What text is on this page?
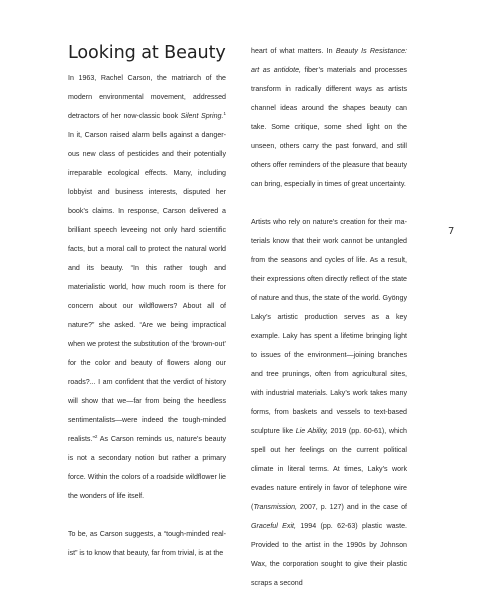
Looking at Beauty

In 1963, Rachel Carson, the matriarch of the modern environmental movement, addressed detractors of her now-classic book Silent Spring.$^1$ In it, Carson raised alarm bells against a dangerous new class of pesticides and their potentially irreparable ecological effects. Many, including lobbyist and business interests, disputed her book’s claims. In response, Carson delivered a brilliant speech leveeing not only hard scientific facts, but a moral call to protect the natural world and its beauty. “In this rather tough and materialistic world, how much room is there for concern about our wildflowers? About all of nature?” she asked. “Are we being impractical when we protest the substitution of the ‘brown-out’ for the color and beauty of flowers along our roads?... I am confident that the verdict of history will show that we—far from being the heedless sentimentalists—were indeed the tough-minded realists.”$^2$ As Carson reminds us, nature’s beauty is not a secondary notion but rather a primary force. Within the colors of a roadside wildflower lie the wonders of life itself.

To be, as Carson suggests, a “tough-minded realist” is to know that beauty, far from trivial, is at the

heart of what matters. In Beauty Is Resistance: art as antidote, fiber’s materials and processes transform in radically different ways as artists channel ideas around the shapes beauty can take. Some critique, some shed light on the unseen, others carry the past forward, and still others offer reminders of the pleasure that beauty can bring, especially in times of great uncertainty.

Artists who rely on nature’s creation for their materials know that their work cannot be untangled from the seasons and cycles of life. As a result, their expressions often directly reflect of the state of nature and thus, the state of the world. Gyöngy Laky’s artistic production serves as a key example. Laky has spent a lifetime bringing light to issues of the environment—joining branches and tree prunings, often from agricultural sites, with industrial materials. Laky’s work takes many forms, from baskets and vessels to text-based sculpture like Lie Ability, 2019 (pp. 60-61), which spell out her feelings on the current political climate in literal terms. At times, Laky’s work evades nature entirely in favor of telephone wire (Transmission, 2007, p. 127) and in the case of Graceful Exit, 1994 (pp. 62-63) plastic waste. Provided to the artist in the 1990s by Johnson Wax, the corporation sought to give their plastic scraps a second

7
